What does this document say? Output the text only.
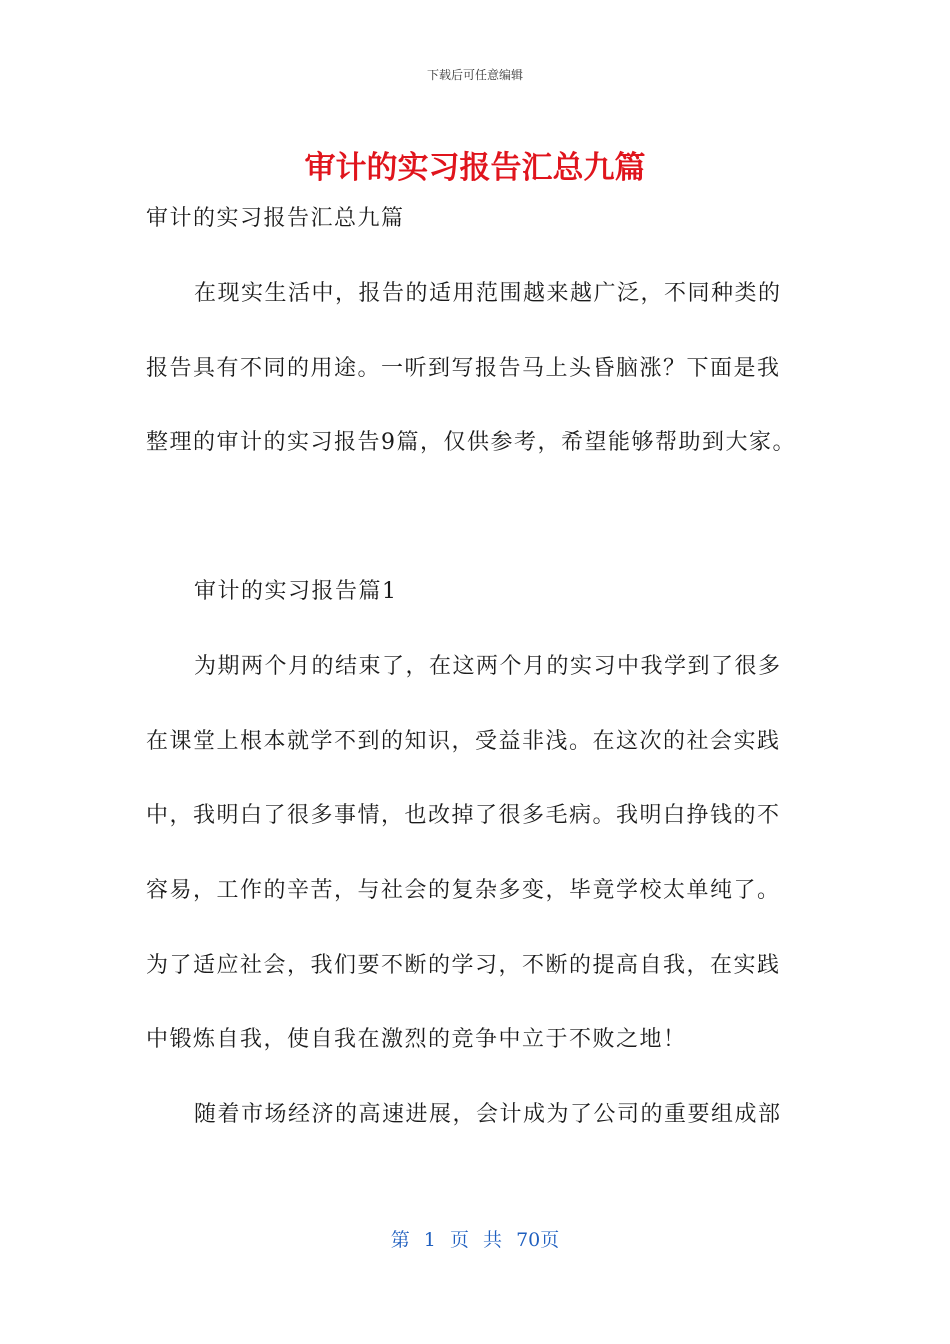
下载后可任意编辑
审计的实习报告汇总九篇
审计的实习报告汇总九篇
在现实生活中，报告的适用范围越来越广泛，不同种类的
报告具有不同的用途。一听到写报告马上头昏脑涨？下面是我
整理的审计的实习报告9篇，仅供参考，希望能够帮助到大家。
审计的实习报告篇1
为期两个月的结束了，在这两个月的实习中我学到了很多
在课堂上根本就学不到的知识，受益非浅。在这次的社会实践
中，我明白了很多事情，也改掉了很多毛病。我明白挣钱的不
容易，工作的辛苦，与社会的复杂多变，毕竟学校太单纯了。
为了适应社会，我们要不断的学习，不断的提高自我，在实践
中锻炼自我，使自我在激烈的竞争中立于不败之地！
随着市场经济的高速进展，会计成为了公司的重要组成部
第 1 页 共 70页
